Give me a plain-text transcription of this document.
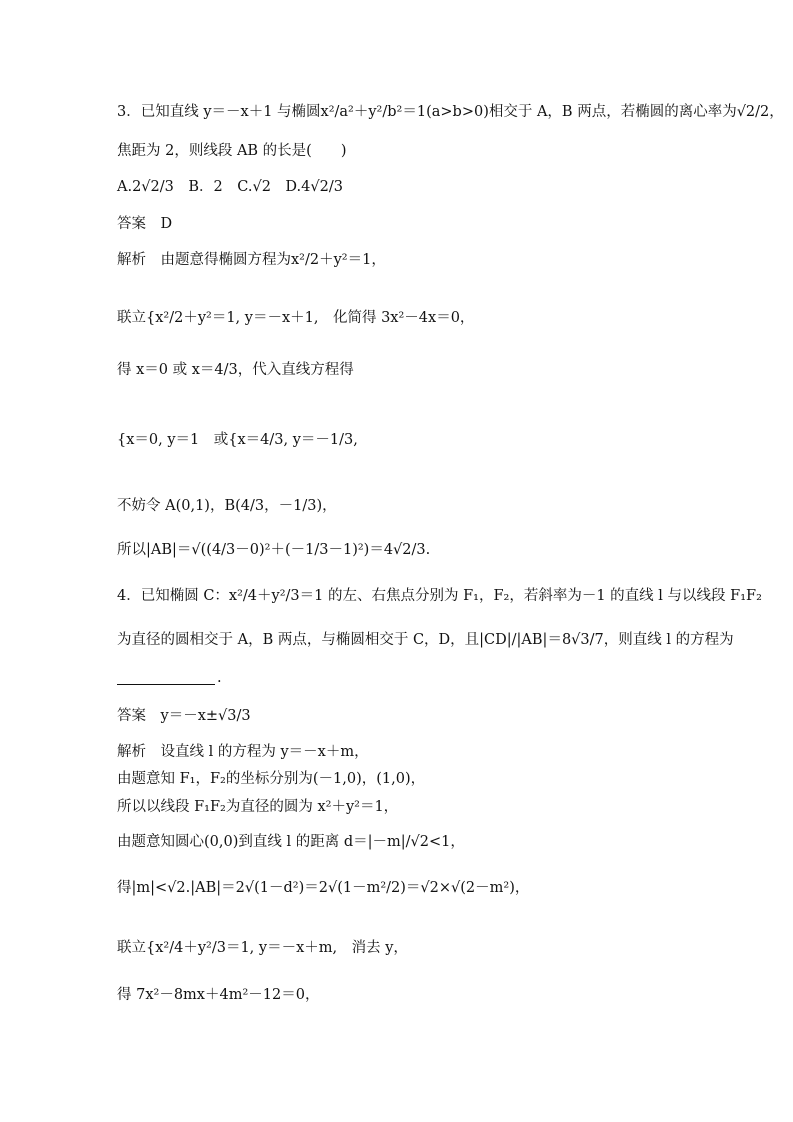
3．已知直线 y＝－x＋1 与椭圆x²/a²＋y²/b²＝1(a>b>0)相交于 A，B 两点，若椭圆的离心率为√2/2，
焦距为 2，则线段 AB 的长是(　　)
A.2√2/3　B．2　C.√2　D.4√2/3
答案　D
解析　由题意得椭圆方程为x²/2＋y²＝1，
联立{x²/2＋y²＝1, y＝－x＋1,　化简得 3x²－4x＝0，
得 x＝0 或 x＝4/3，代入直线方程得
{x＝0, y＝1　或{x＝4/3, y＝－1/3,
不妨令 A(0,1)，B(4/3，－1/3)，
所以|AB|＝√((4/3－0)²＋(－1/3－1)²)＝4√2/3.
4．已知椭圆 C：x²/4＋y²/3＝1 的左、右焦点分别为 F₁，F₂，若斜率为－1 的直线 l 与以线段 F₁F₂
为直径的圆相交于 A，B 两点，与椭圆相交于 C，D，且|CD|/|AB|＝8√3/7，则直线 l 的方程为
.
答案　y＝－x±√3/3
解析　设直线 l 的方程为 y＝－x＋m，
由题意知 F₁，F₂的坐标分别为(－1,0)，(1,0)，
所以以线段 F₁F₂为直径的圆为 x²＋y²＝1，
由题意知圆心(0,0)到直线 l 的距离 d＝|－m|/√2<1，
得|m|<√2.|AB|＝2√(1－d²)＝2√(1－m²/2)＝√2×√(2－m²)，
联立{x²/4＋y²/3＝1, y＝－x＋m,　消去 y，
得 7x²－8mx＋4m²－12＝0，
